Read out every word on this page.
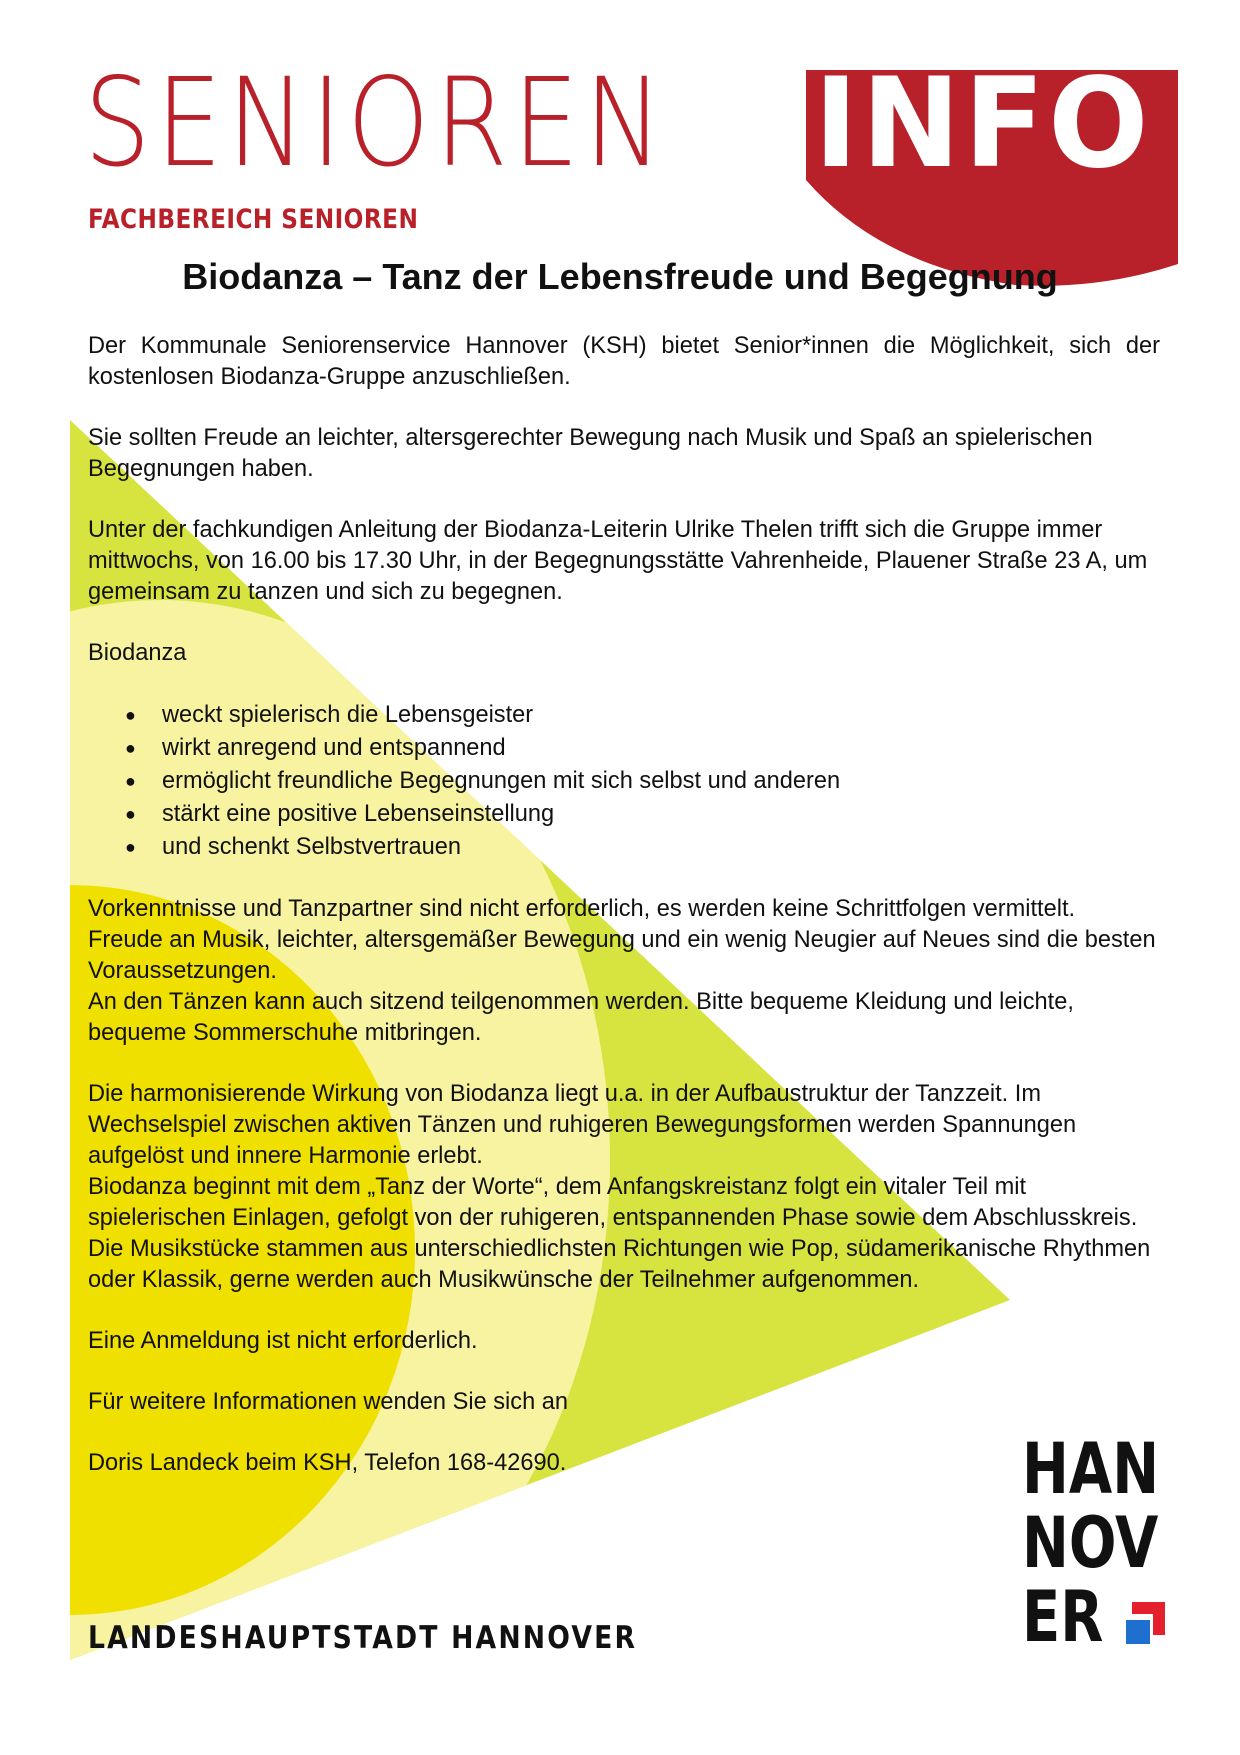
SENIOREN INFO
FACHBEREICH SENIOREN
Biodanza – Tanz der Lebensfreude und Begegnung

Der Kommunale Seniorenservice Hannover (KSH) bietet Senior*innen die Möglichkeit, sich der kostenlosen Biodanza-Gruppe anzuschließen.

Sie sollten Freude an leichter, altersgerechter Bewegung nach Musik und Spaß an spielerischen Begegnungen haben.

Unter der fachkundigen Anleitung der Biodanza-Leiterin Ulrike Thelen trifft sich die Gruppe immer mittwochs, von 16.00 bis 17.30 Uhr, in der Begegnungsstätte Vahrenheide, Plauener Straße 23 A, um gemeinsam zu tanzen und sich zu begegnen.

Biodanza

● weckt spielerisch die Lebensgeister
● wirkt anregend und entspannend
● ermöglicht freundliche Begegnungen mit sich selbst und anderen
● stärkt eine positive Lebenseinstellung
● und schenkt Selbstvertrauen

Vorkenntnisse und Tanzpartner sind nicht erforderlich, es werden keine Schrittfolgen vermittelt.
Freude an Musik, leichter, altersgemäßer Bewegung und ein wenig Neugier auf Neues sind die besten Voraussetzungen.
An den Tänzen kann auch sitzend teilgenommen werden. Bitte bequeme Kleidung und leichte, bequeme Sommerschuhe mitbringen.

Die harmonisierende Wirkung von Biodanza liegt u.a. in der Aufbaustruktur der Tanzzeit. Im Wechselspiel zwischen aktiven Tänzen und ruhigeren Bewegungsformen werden Spannungen aufgelöst und innere Harmonie erlebt.
Biodanza beginnt mit dem „Tanz der Worte“, dem Anfangskreistanz folgt ein vitaler Teil mit spielerischen Einlagen, gefolgt von der ruhigeren, entspannenden Phase sowie dem Abschlusskreis.
Die Musikstücke stammen aus unterschiedlichsten Richtungen wie Pop, südamerikanische Rhythmen oder Klassik, gerne werden auch Musikwünsche der Teilnehmer aufgenommen.

Eine Anmeldung ist nicht erforderlich.

Für weitere Informationen wenden Sie sich an

Doris Landeck beim KSH, Telefon 168-42690.

LANDESHAUPTSTADT HANNOVER
HAN
NOV
ER
